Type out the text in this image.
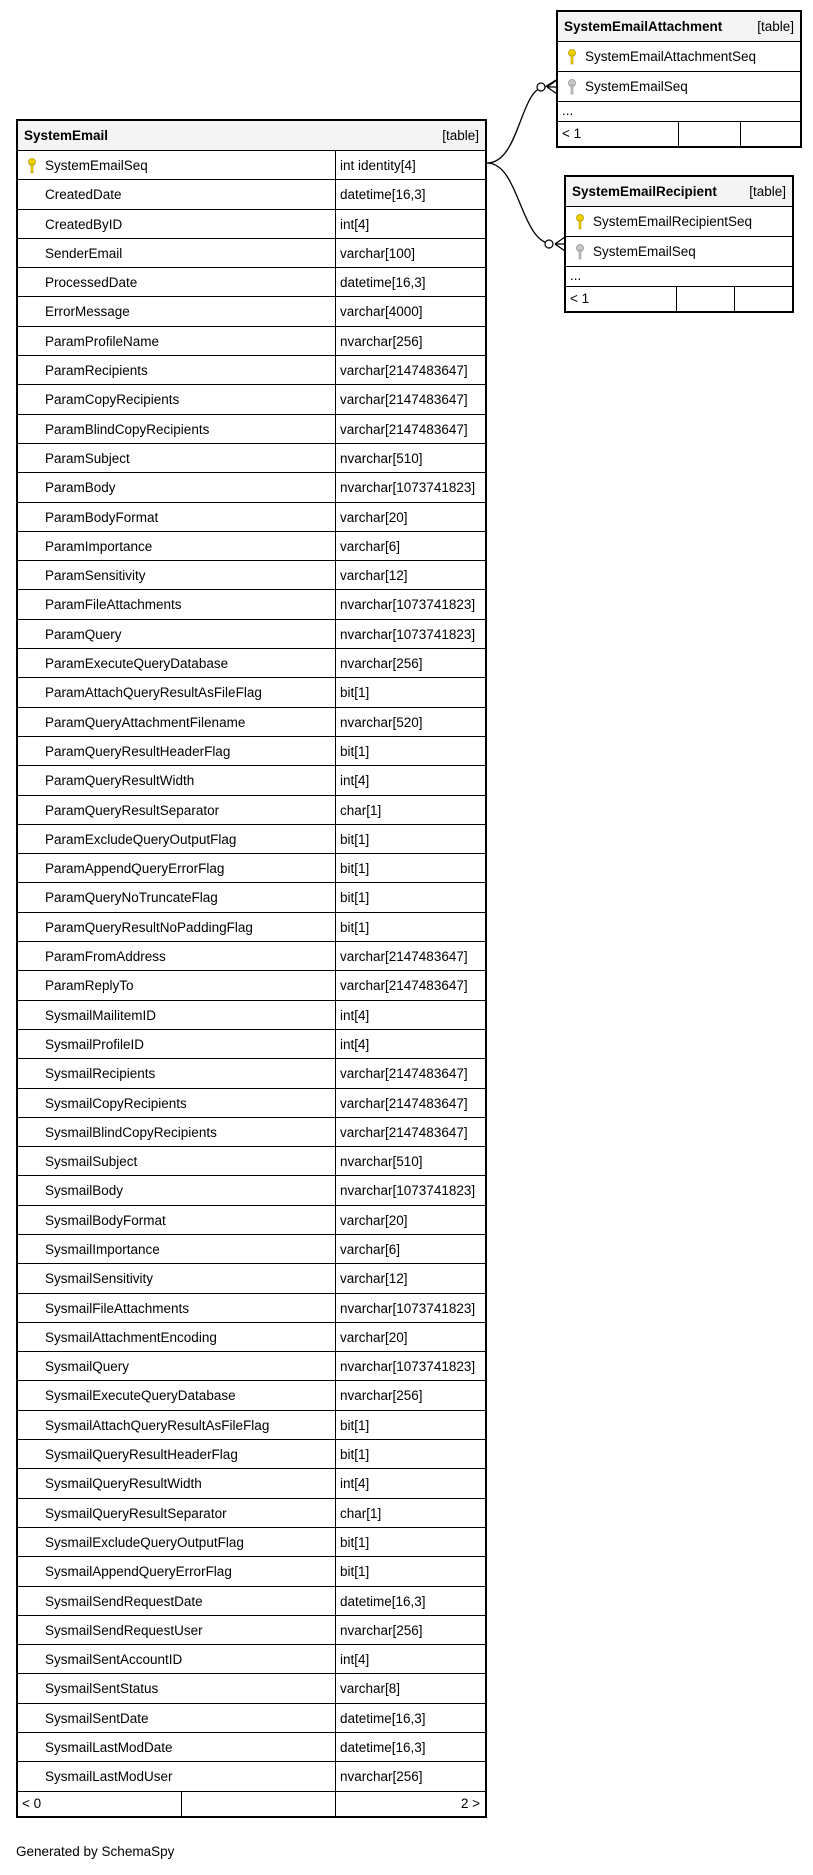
SystemEmailAttachment	[table]
SystemEmailAttachmentSeq
SystemEmailSeq
...
< 1
SystemEmailRecipient [table]
SystemEmailRecipientSeq
SystemEmailSeq
...
< 1
SystemEmail	[table]
SystemEmailSeq	int identity[4]
CreatedDate	datetime[16,3]
CreatedByID	int[4]
SenderEmail	varchar[100]
ProcessedDate	datetime[16,3]
ErrorMessage	varchar[4000]
ParamProfileName	nvarchar[256]
ParamRecipients	varchar[2147483647]
ParamCopyRecipients	varchar[2147483647]
ParamBlindCopyRecipients	varchar[2147483647]
ParamSubject	nvarchar[510]
ParamBody	nvarchar[1073741823]
ParamBodyFormat	varchar[20]
ParamImportance	varchar[6]
ParamSensitivity	varchar[12]
ParamFileAttachments	nvarchar[1073741823]
ParamQuery	nvarchar[1073741823]
ParamExecuteQueryDatabase	nvarchar[256]
ParamAttachQueryResultAsFileFlag	bit[1]
ParamQueryAttachmentFilename	nvarchar[520]
ParamQueryResultHeaderFlag	bit[1]
ParamQueryResultWidth	int[4]
ParamQueryResultSeparator	char[1]
ParamExcludeQueryOutputFlag	bit[1]
ParamAppendQueryErrorFlag	bit[1]
ParamQueryNoTruncateFlag	bit[1]
ParamQueryResultNoPaddingFlag	bit[1]
ParamFromAddress	varchar[2147483647]
ParamReplyTo	varchar[2147483647]
SysmailMailitemID	int[4]
SysmailProfileID	int[4]
SysmailRecipients	varchar[2147483647]
SysmailCopyRecipients	varchar[2147483647]
SysmailBlindCopyRecipients	varchar[2147483647]
SysmailSubject	nvarchar[510]
SysmailBody	nvarchar[1073741823]
SysmailBodyFormat	varchar[20]
SysmailImportance	varchar[6]
SysmailSensitivity	varchar[12]
SysmailFileAttachments	nvarchar[1073741823]
SysmailAttachmentEncoding	varchar[20]
SysmailQuery	nvarchar[1073741823]
SysmailExecuteQueryDatabase	nvarchar[256]
SysmailAttachQueryResultAsFileFlag	bit[1]
SysmailQueryResultHeaderFlag	bit[1]
SysmailQueryResultWidth	int[4]
SysmailQueryResultSeparator	char[1]
SysmailExcludeQueryOutputFlag	bit[1]
SysmailAppendQueryErrorFlag	bit[1]
SysmailSendRequestDate	datetime[16,3]
SysmailSendRequestUser	nvarchar[256]
SysmailSentAccountID	int[4]
SysmailSentStatus	varchar[8]
SysmailSentDate	datetime[16,3]
SysmailLastModDate	datetime[16,3]
SysmailLastModUser	nvarchar[256]
< 0	2 >
Generated by SchemaSpy
